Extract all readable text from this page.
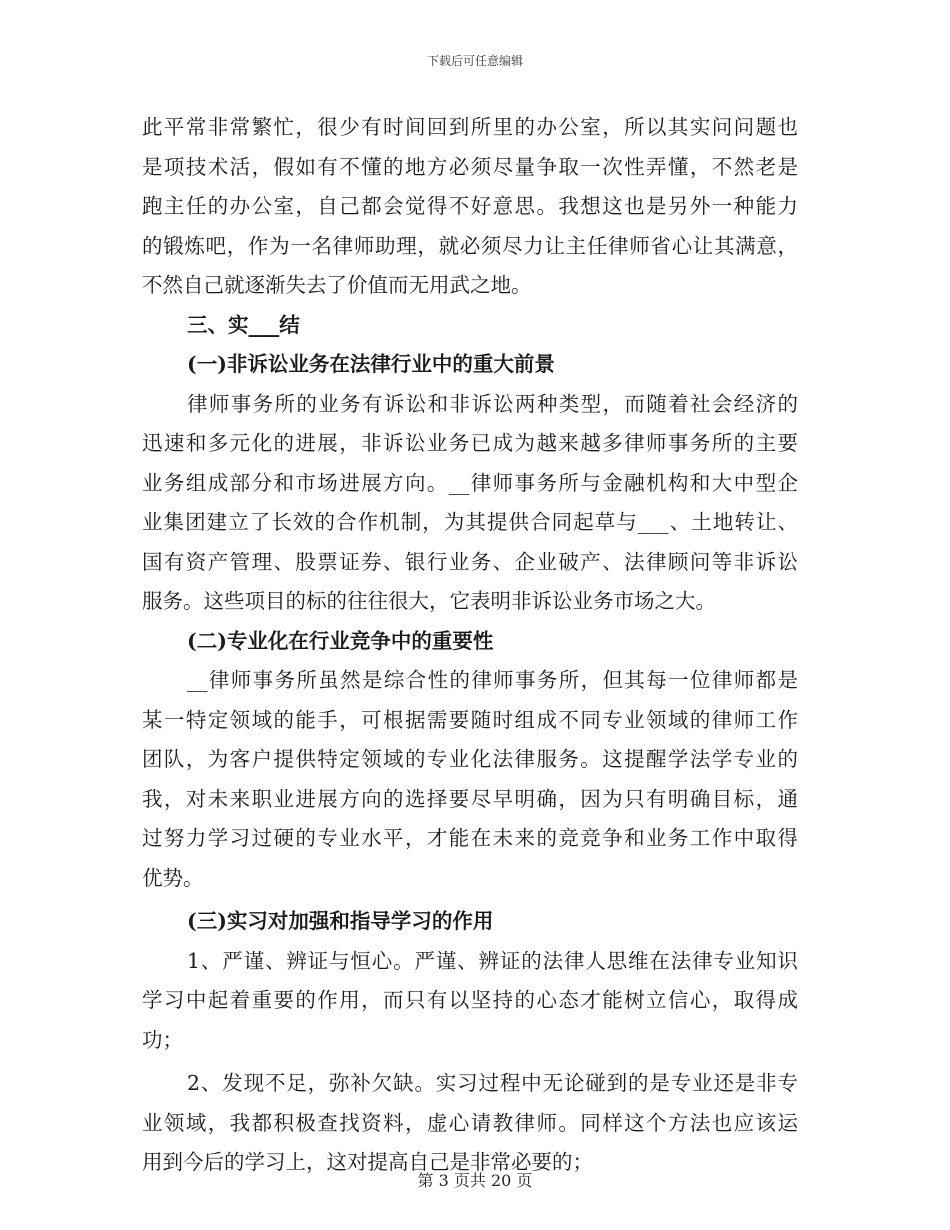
下载后可任意编辑
此平常非常繁忙，很少有时间回到所里的办公室，所以其实问问题也
是项技术活，假如有不懂的地方必须尽量争取一次性弄懂，不然老是
跑主任的办公室，自己都会觉得不好意思。我想这也是另外一种能力
的锻炼吧，作为一名律师助理，就必须尽力让主任律师省心让其满意，
不然自己就逐渐失去了价值而无用武之地。
三、实___结
(一)非诉讼业务在法律行业中的重大前景
律师事务所的业务有诉讼和非诉讼两种类型，而随着社会经济的
迅速和多元化的进展，非诉讼业务已成为越来越多律师事务所的主要
业务组成部分和市场进展方向。__律师事务所与金融机构和大中型企
业集团建立了长效的合作机制，为其提供合同起草与___、土地转让、
国有资产管理、股票证券、银行业务、企业破产、法律顾问等非诉讼
服务。这些项目的标的往往很大，它表明非诉讼业务市场之大。
(二)专业化在行业竞争中的重要性
__律师事务所虽然是综合性的律师事务所，但其每一位律师都是
某一特定领域的能手，可根据需要随时组成不同专业领域的律师工作
团队，为客户提供特定领域的专业化法律服务。这提醒学法学专业的
我，对未来职业进展方向的选择要尽早明确，因为只有明确目标，通
过努力学习过硬的专业水平，才能在未来的竞竞争和业务工作中取得
优势。
(三)实习对加强和指导学习的作用
1、严谨、辨证与恒心。严谨、辨证的法律人思维在法律专业知识
学习中起着重要的作用，而只有以坚持的心态才能树立信心，取得成
功；
2、发现不足，弥补欠缺。实习过程中无论碰到的是专业还是非专
业领域，我都积极查找资料，虚心请教律师。同样这个方法也应该运
用到今后的学习上，这对提高自己是非常必要的；
第 3 页共 20 页
